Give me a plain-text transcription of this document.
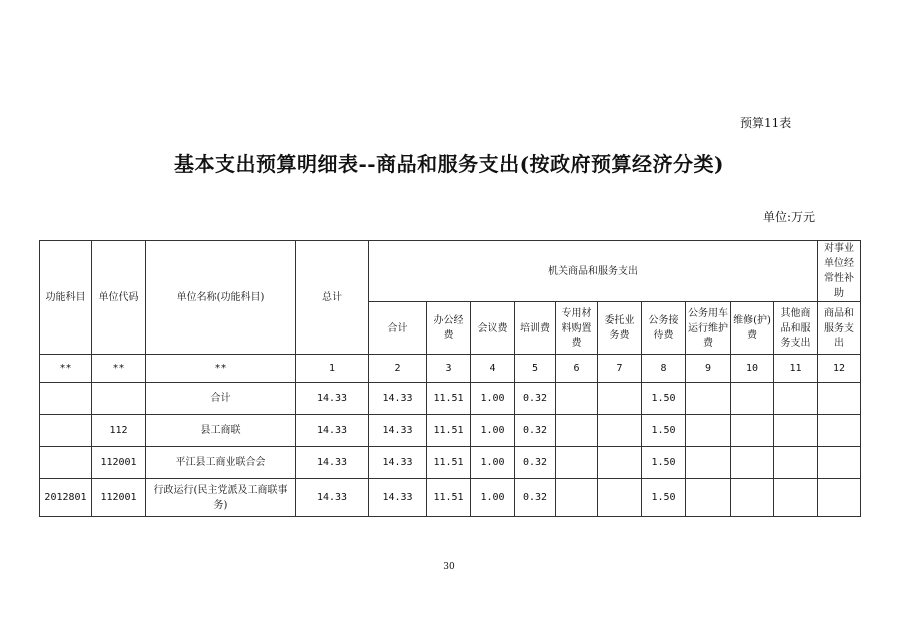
预算11表
基本支出预算明细表--商品和服务支出(按政府预算经济分类)
单位:万元
功能科目	单位代码	单位名称(功能科目)	总计	机关商品和服务支出										对事业单位经常性补助
				合计	办公经费	会议费	培训费	专用材料购置费	委托业务费	公务接待费	公务用车运行维护费	维修(护)费	其他商品和服务支出	商品和服务支出
**	**	**	1	2	3	4	5	6	7	8	9	10	11	12
		合计	14.33	14.33	11.51	1.00	0.32			1.50				
	112	县工商联	14.33	14.33	11.51	1.00	0.32			1.50				
	112001	平江县工商业联合会	14.33	14.33	11.51	1.00	0.32			1.50				
2012801	112001	行政运行(民主党派及工商联事务)	14.33	14.33	11.51	1.00	0.32			1.50				
30
